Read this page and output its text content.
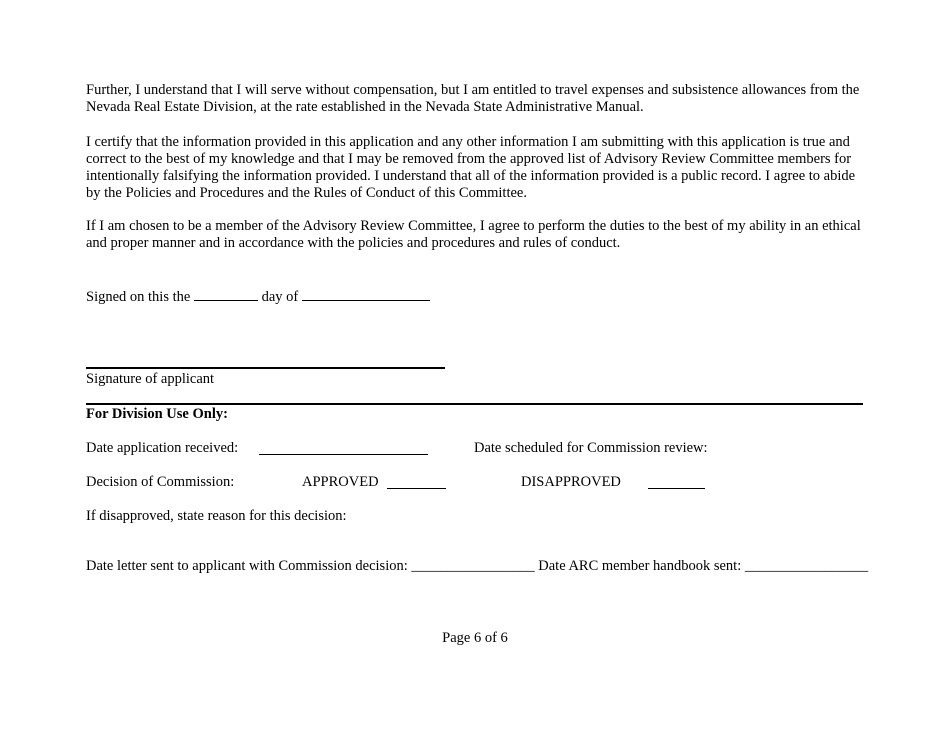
Further, I understand that I will serve without compensation, but I am entitled to travel expenses and subsistence allowances from the Nevada Real Estate Division, at the rate established in the Nevada State Administrative Manual.

I certify that the information provided in this application and any other information I am submitting with this application is true and correct to the best of my knowledge and that I may be removed from the approved list of Advisory Review Committee members for intentionally falsifying the information provided. I understand that all of the information provided is a public record. I agree to abide by the Policies and Procedures and the Rules of Conduct of this Committee.

If I am chosen to be a member of the Advisory Review Committee, I agree to perform the duties to the best of my ability in an ethical and proper manner and in accordance with the policies and procedures and rules of conduct.

Signed on this the	day of
Signature of applicant
For Division Use Only:
Date application received:	Date scheduled for Commission review:
Decision of Commission:	APPROVED	DISAPPROVED
If disapproved, state reason for this decision:
Date letter sent to applicant with Commission decision: _________________ Date ARC member handbook sent: _________________
Page 6 of 6
